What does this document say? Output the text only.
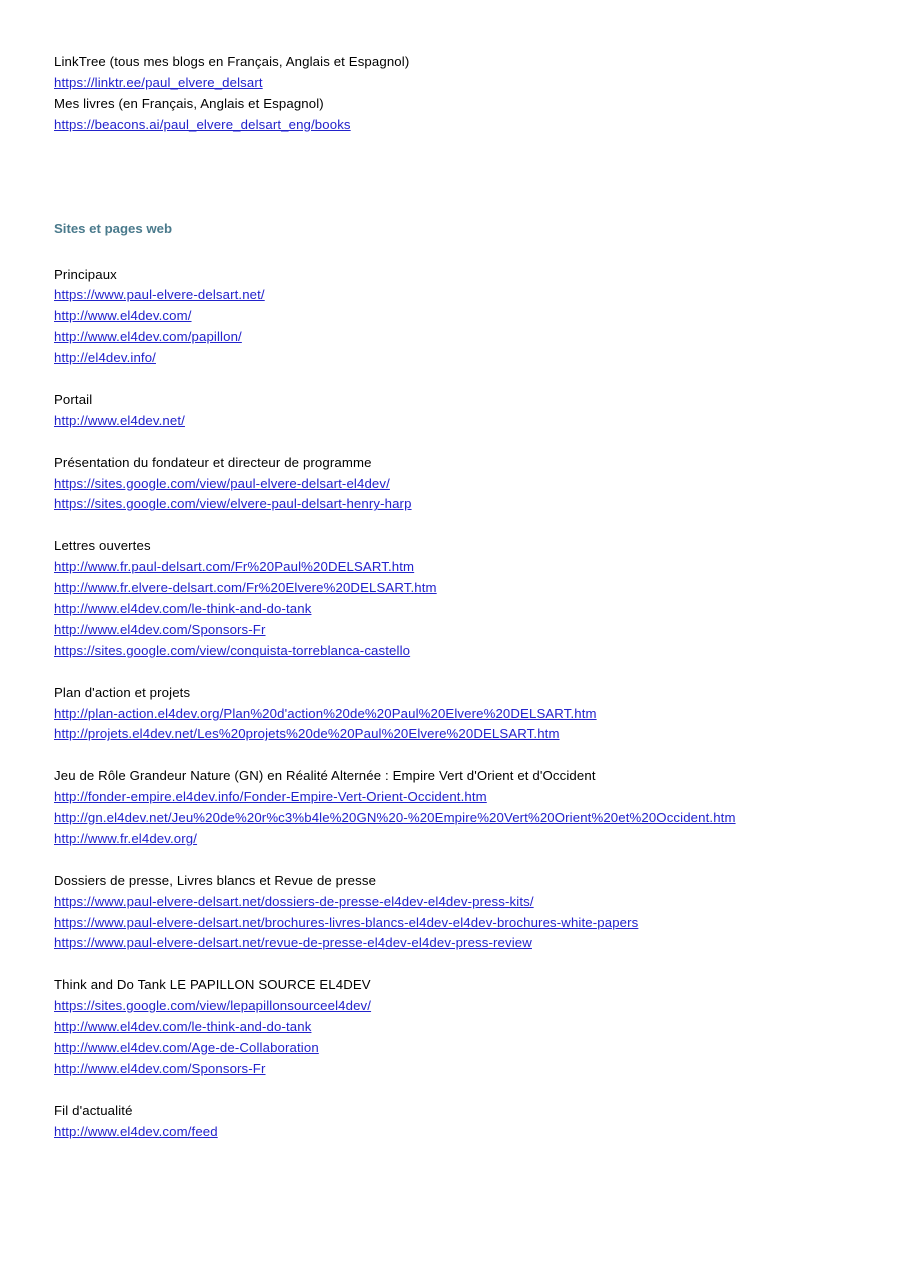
LinkTree (tous mes blogs en Français, Anglais et Espagnol)
https://linktr.ee/paul_elvere_delsart
Mes livres (en Français, Anglais et Espagnol)
https://beacons.ai/paul_elvere_delsart_eng/books
Sites et pages web
Principaux
https://www.paul-elvere-delsart.net/
http://www.el4dev.com/
http://www.el4dev.com/papillon/
http://el4dev.info/
Portail
http://www.el4dev.net/
Présentation du fondateur et directeur de programme
https://sites.google.com/view/paul-elvere-delsart-el4dev/
https://sites.google.com/view/elvere-paul-delsart-henry-harp
Lettres ouvertes
http://www.fr.paul-delsart.com/Fr%20Paul%20DELSART.htm
http://www.fr.elvere-delsart.com/Fr%20Elvere%20DELSART.htm
http://www.el4dev.com/le-think-and-do-tank
http://www.el4dev.com/Sponsors-Fr
https://sites.google.com/view/conquista-torreblanca-castello
Plan d'action et projets
http://plan-action.el4dev.org/Plan%20d'action%20de%20Paul%20Elvere%20DELSART.htm
http://projets.el4dev.net/Les%20projets%20de%20Paul%20Elvere%20DELSART.htm
Jeu de Rôle Grandeur Nature (GN) en Réalité Alternée : Empire Vert d'Orient et d'Occident
http://fonder-empire.el4dev.info/Fonder-Empire-Vert-Orient-Occident.htm
http://gn.el4dev.net/Jeu%20de%20r%c3%b4le%20GN%20-%20Empire%20Vert%20Orient%20et%20Occident.htm
http://www.fr.el4dev.org/
Dossiers de presse, Livres blancs et Revue de presse
https://www.paul-elvere-delsart.net/dossiers-de-presse-el4dev-el4dev-press-kits/
https://www.paul-elvere-delsart.net/brochures-livres-blancs-el4dev-el4dev-brochures-white-papers
https://www.paul-elvere-delsart.net/revue-de-presse-el4dev-el4dev-press-review
Think and Do Tank LE PAPILLON SOURCE EL4DEV
https://sites.google.com/view/lepapillonsourceel4dev/
http://www.el4dev.com/le-think-and-do-tank
http://www.el4dev.com/Age-de-Collaboration
http://www.el4dev.com/Sponsors-Fr
Fil d'actualité
http://www.el4dev.com/feed
